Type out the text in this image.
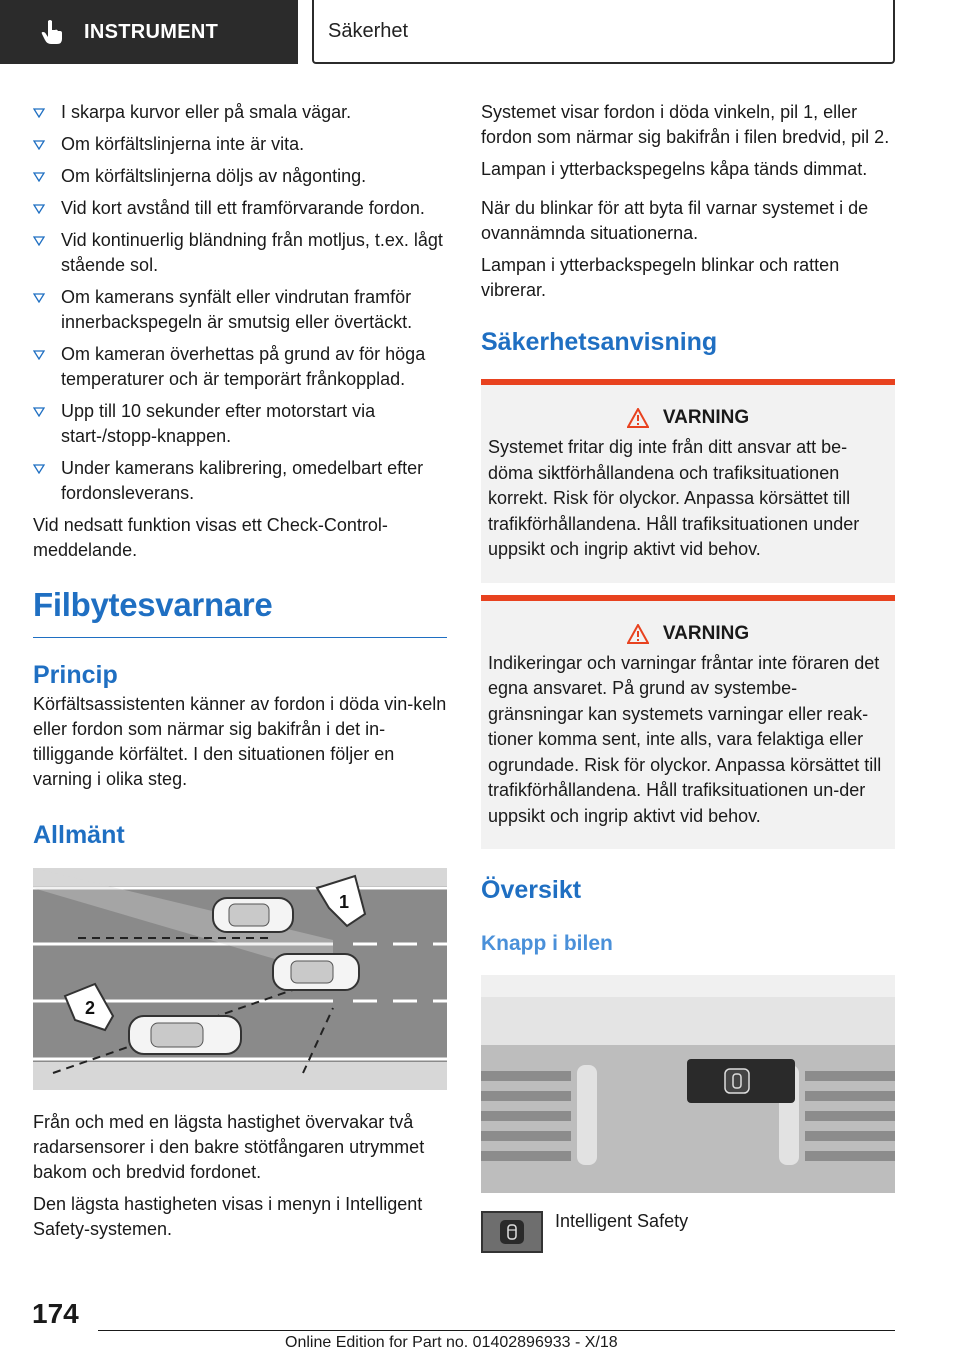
INSTRUMENT	Säkerhet
I skarpa kurvor eller på smala vägar.
Om körfältslinjerna inte är vita.
Om körfältslinjerna döljs av någonting.
Vid kort avstånd till ett framförvarande fordon.
Vid kontinuerlig bländning från motljus, t.ex. lågt stående sol.
Om kamerans synfält eller vindrutan framför innerbackspegeln är smutsig eller övertäckt.
Om kameran överhettas på grund av för höga temperaturer och är temporärt frånkopplad.
Upp till 10 sekunder efter motorstart via start-/stopp-knappen.
Under kamerans kalibrering, omedelbart efter fordonsleverans.

Vid nedsatt funktion visas ett Check-Control-meddelande.

Filbytesvarnare
Princip

Körfältsassistenten känner av fordon i döda vin-keln eller fordon som närmar sig bakifrån i det in-tilliggande körfältet. I den situationen följer en varning i olika steg.

Allmänt
1
2

Från och med en lägsta hastighet övervakar två radarsensorer i den bakre stötfångaren utrymmet bakom och bredvid fordonet.

Den lägsta hastigheten visas i menyn i Intelligent Safety-systemen.

Systemet visar fordon i döda vinkeln, pil 1, eller fordon som närmar sig bakifrån i filen bredvid, pil 2.

Lampan i ytterbackspegelns kåpa tänds dimmat.

När du blinkar för att byta fil varnar systemet i de ovannämnda situationerna.

Lampan i ytterbackspegeln blinkar och ratten vibrerar.

Säkerhetsanvisning
VARNING

Systemet fritar dig inte från ditt ansvar att be-döma siktförhållandena och trafiksituationen korrekt. Risk för olyckor. Anpassa körsättet till trafikförhållandena. Håll trafiksituationen under uppsikt och ingrip aktivt vid behov.

VARNING

Indikeringar och varningar fråntar inte föraren det egna ansvaret. På grund av systembe-gränsningar kan systemets varningar eller reak-tioner komma sent, inte alls, vara felaktiga eller ogrundade. Risk för olyckor. Anpassa körsättet till trafikförhållandena. Håll trafiksituationen un-der uppsikt och ingrip aktivt vid behov.

Översikt
Knapp i bilen
Intelligent Safety
174
Online Edition for Part no. 01402896933 - X/18
